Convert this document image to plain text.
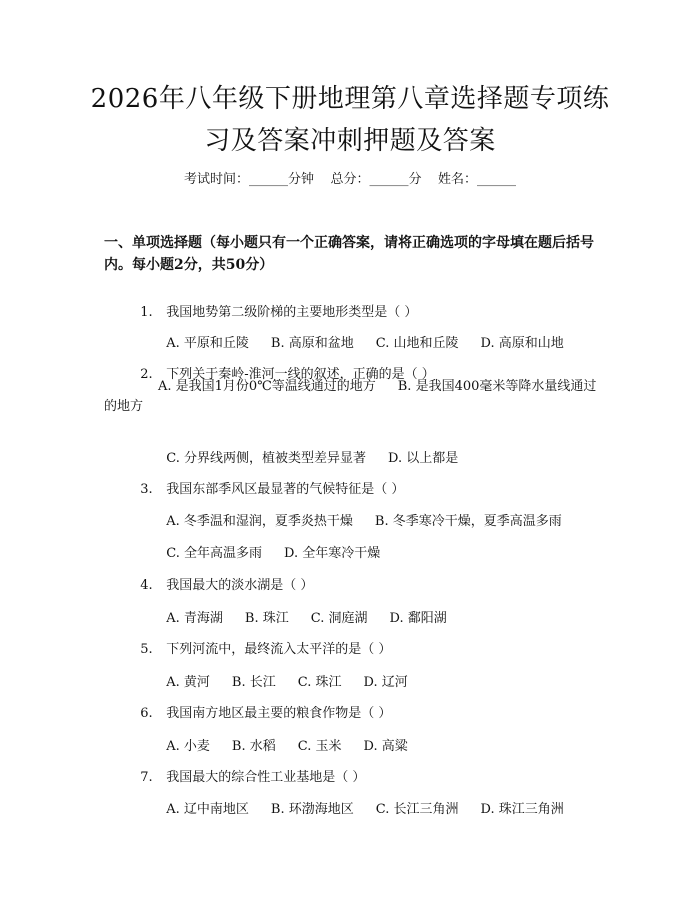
2026年八年级下册地理第八章选择题专项练
习及答案冲刺押题及答案
考试时间：______分钟    总分：______分    姓名：______
一、单项选择题（每小题只有一个正确答案，请将正确选项的字母填在题后括号内。每小题2分，共50分）

1. 我国地势第二级阶梯的主要地形类型是（ ）

A. 平原和丘陵 B. 高原和盆地 C. 山地和丘陵 D. 高原和山地

2. 下列关于秦岭-淮河一线的叙述，正确的是（ ）

A. 是我国1月份0℃等温线通过的地方 B. 是我国400毫米等降水量线通过的地方

C. 分界线两侧，植被类型差异显著 D. 以上都是

3. 我国东部季风区最显著的气候特征是（ ）

A. 冬季温和湿润，夏季炎热干燥 B. 冬季寒冷干燥，夏季高温多雨

C. 全年高温多雨 D. 全年寒冷干燥

4. 我国最大的淡水湖是（ ）

A. 青海湖 B. 珠江 C. 洞庭湖 D. 鄱阳湖

5. 下列河流中，最终流入太平洋的是（ ）

A. 黄河 B. 长江 C. 珠江 D. 辽河

6. 我国南方地区最主要的粮食作物是（ ）

A. 小麦 B. 水稻 C. 玉米 D. 高粱

7. 我国最大的综合性工业基地是（ ）

A. 辽中南地区 B. 环渤海地区 C. 长江三角洲 D. 珠江三角洲
